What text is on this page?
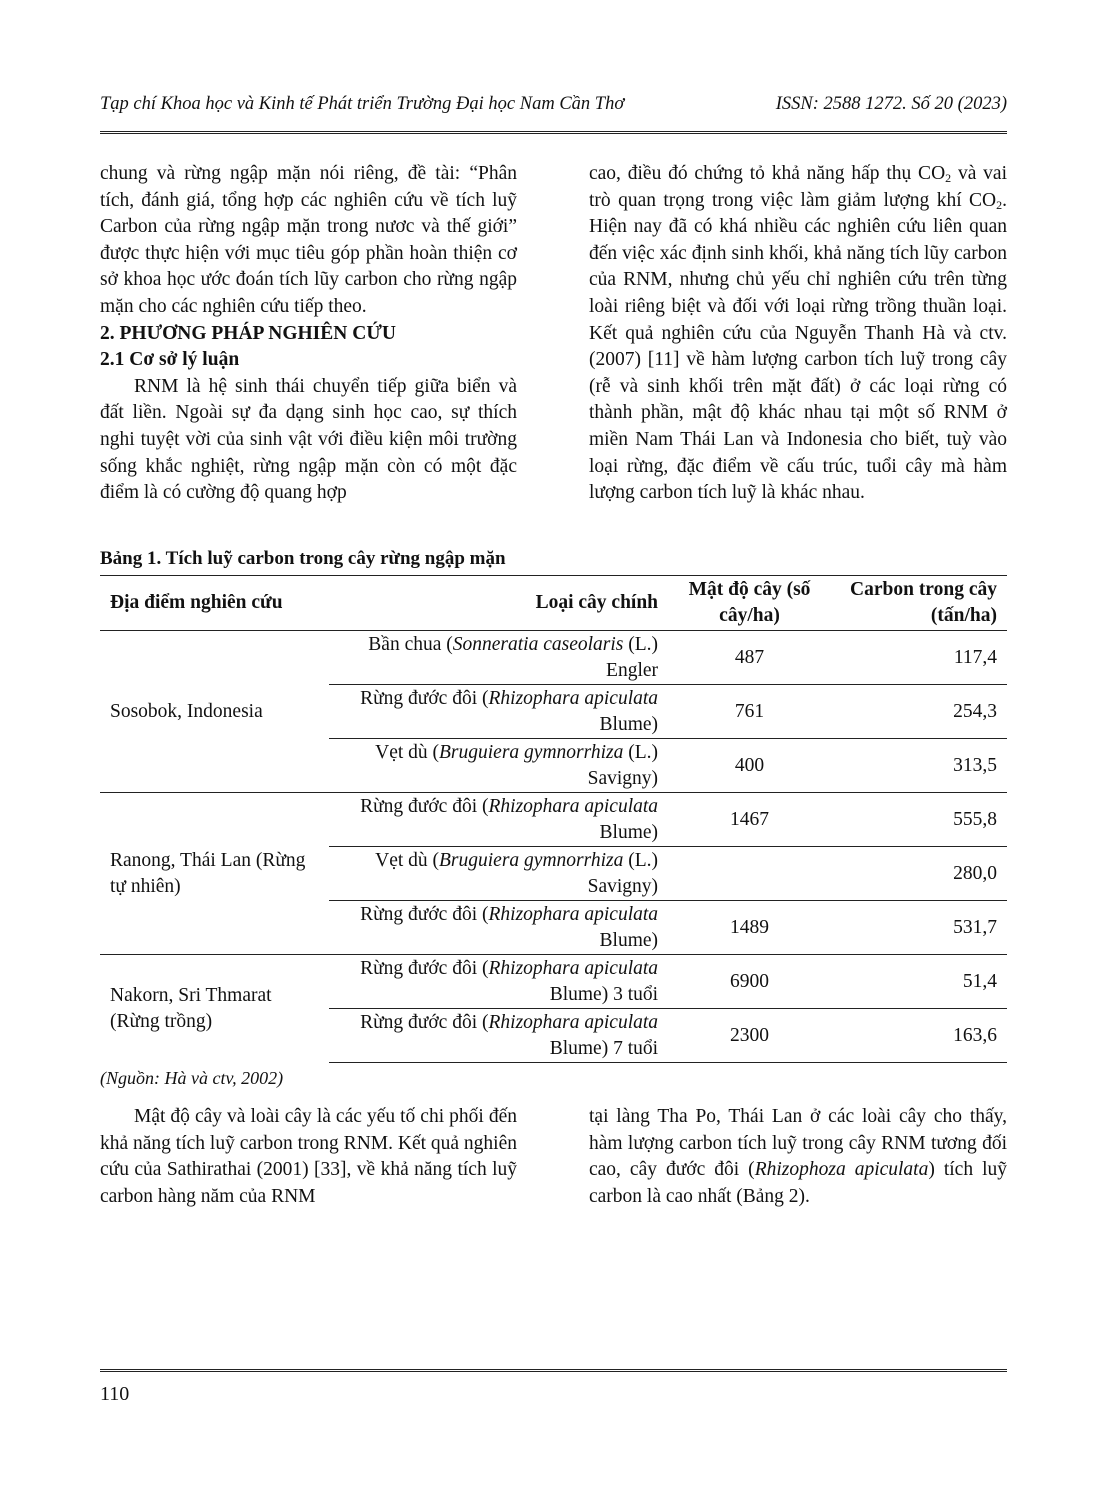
Tạp chí Khoa học và Kinh tế Phát triển Trường Đại học Nam Cần Thơ	ISSN: 2588 1272. Số 20 (2023)

chung và rừng ngập mặn nói riêng, đề tài: “Phân tích, đánh giá, tổng hợp các nghiên cứu về tích luỹ Carbon của rừng ngập mặn trong nươc và thế giới” được thực hiện với mục tiêu góp phần hoàn thiện cơ sở khoa học ước đoán tích lũy carbon cho rừng ngập mặn cho các nghiên cứu tiếp theo.

2. PHƯƠNG PHÁP NGHIÊN CỨU

2.1 Cơ sở lý luận

RNM là hệ sinh thái chuyển tiếp giữa biển và đất liền. Ngoài sự đa dạng sinh học cao, sự thích nghi tuyệt vời của sinh vật với điều kiện môi trường sống khắc nghiệt, rừng ngập mặn còn có một đặc điểm là có cường độ quang hợp

cao, điều đó chứng tỏ khả năng hấp thụ $CO_2$ và vai trò quan trọng trong việc làm giảm lượng khí $CO_2$. Hiện nay đã có khá nhiều các nghiên cứu liên quan đến việc xác định sinh khối, khả năng tích lũy carbon của RNM, nhưng chủ yếu chỉ nghiên cứu trên từng loài riêng biệt và đối với loại rừng trồng thuần loại. Kết quả nghiên cứu của Nguyễn Thanh Hà và ctv. (2007) [11] về hàm lượng carbon tích luỹ trong cây (rễ và sinh khối trên mặt đất) ở các loại rừng có thành phần, mật độ khác nhau tại một số RNM ở miền Nam Thái Lan và Indonesia cho biết, tuỳ vào loại rừng, đặc điểm về cấu trúc, tuổi cây mà hàm lượng carbon tích luỹ là khác nhau.

Bảng 1. Tích luỹ carbon trong cây rừng ngập mặn
Địa điểm nghiên cứu	Loại cây chính	Mật độ cây (số cây/ha)	Carbon trong cây (tấn/ha)
Sosobok, Indonesia	Bần chua (Sonneratia caseolaris (L.) Engler	487	117,4
	Rừng đước đôi (Rhizophara apiculata Blume)	761	254,3
	Vẹt dù (Bruguiera gymnorrhiza (L.) Savigny)	400	313,5
Ranong, Thái Lan (Rừng tự nhiên)	Rừng đước đôi (Rhizophara apiculata Blume)	1467	555,8
	Vẹt dù (Bruguiera gymnorrhiza (L.) Savigny)		280,0
	Rừng đước đôi (Rhizophara apiculata Blume)	1489	531,7
Nakorn, Sri Thmarat (Rừng trồng)	Rừng đước đôi (Rhizophara apiculata Blume) 3 tuổi	6900	51,4
	Rừng đước đôi (Rhizophara apiculata Blume) 7 tuổi	2300	163,6
(Nguồn: Hà và ctv, 2002)

Mật độ cây và loài cây là các yếu tố chi phối đến khả năng tích luỹ carbon trong RNM. Kết quả nghiên cứu của Sathirathai (2001) [33], về khả năng tích luỹ carbon hàng năm của RNM

tại làng Tha Po, Thái Lan ở các loài cây cho thấy, hàm lượng carbon tích luỹ trong cây RNM tương đối cao, cây đước đôi (Rhizophoza apiculata) tích luỹ carbon là cao nhất (Bảng 2).

110
